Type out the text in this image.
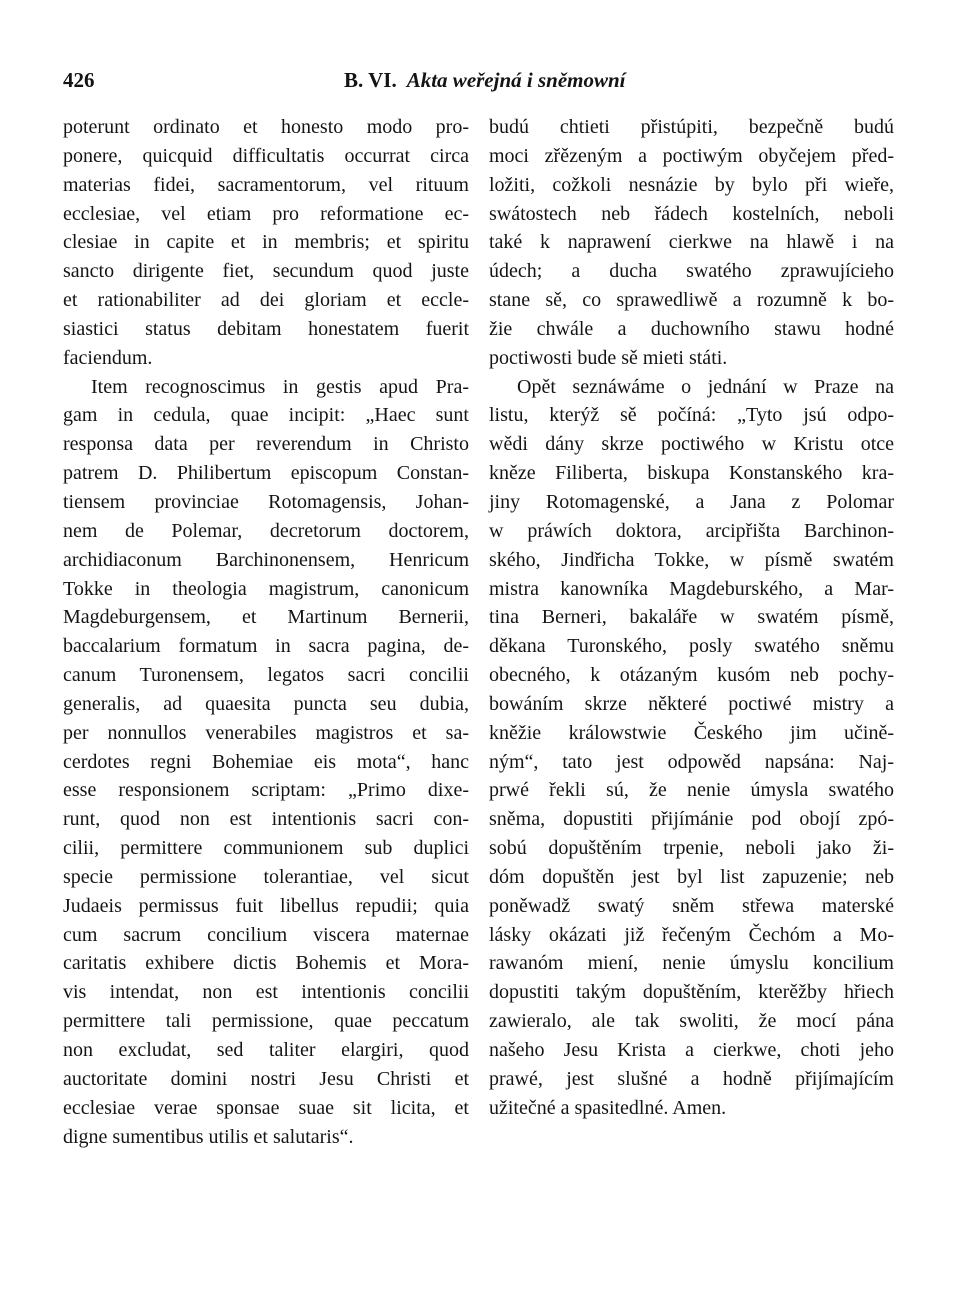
426	B. VI. Akta weřejná i sněmowní
poterunt ordinato et honesto modo pro-
ponere, quicquid difficultatis occurrat circa
materias fidei, sacramentorum, vel rituum
ecclesiae, vel etiam pro reformatione ec-
clesiae in capite et in membris; et spiritu
sancto dirigente fiet, secundum quod juste
et rationabiliter ad dei gloriam et eccle-
siastici status debitam honestatem fuerit
faciendum.
Item recognoscimus in gestis apud Pra-
gam in cedula, quae incipit: „Haec sunt
responsa data per reverendum in Christo
patrem D. Philibertum episcopum Constan-
tiensem provinciae Rotomagensis, Johan-
nem de Polemar, decretorum doctorem,
archidiaconum Barchinonensem, Henricum
Tokke in theologia magistrum, canonicum
Magdeburgensem, et Martinum Bernerii,
baccalarium formatum in sacra pagina, de-
canum Turonensem, legatos sacri concilii
generalis, ad quaesita puncta seu dubia,
per nonnullos venerabiles magistros et sa-
cerdotes regni Bohemiae eis mota“, hanc
esse responsionem scriptam: „Primo dixe-
runt, quod non est intentionis sacri con-
cilii, permittere communionem sub duplici
specie permissione tolerantiae, vel sicut
Judaeis permissus fuit libellus repudii; quia
cum sacrum concilium viscera maternae
caritatis exhibere dictis Bohemis et Mora-
vis intendat, non est intentionis concilii
permittere tali permissione, quae peccatum
non excludat, sed taliter elargiri, quod
auctoritate domini nostri Jesu Christi et
ecclesiae verae sponsae suae sit licita, et
digne sumentibus utilis et salutaris“.
budú chtieti přistúpiti, bezpečně budú
moci zřězeným a poctiwým obyčejem před-
ložiti, cožkoli nesnázie by bylo při wieře,
swátostech neb řádech kostelních, neboli
také k naprawení cierkwe na hlawě i na
údech; a ducha swatého zprawujícieho
stane sě, co sprawedliwě a rozumně k bo-
žie chwále a duchowního stawu hodné
poctiwosti bude sě mieti státi.
Opět seznáwáme o jednání w Praze na
listu, kterýž sě počíná: „Tyto jsú odpo-
wědi dány skrze poctiwého w Kristu otce
kněze Filiberta, biskupa Konstanského kra-
jiny Rotomagenské, a Jana z Polomar
w práwích doktora, arcipřišta Barchinon-
ského, Jindřicha Tokke, w písmě swatém
mistra kanowníka Magdeburského, a Mar-
tina Berneri, bakaláře w swatém písmě,
děkana Turonského, posly swatého sněmu
obecného, k otázaným kusóm neb pochy-
bowáním skrze některé poctiwé mistry a
kněžie králowstwie Českého jim učině-
ným“, tato jest odpowěd napsána: Naj-
prwé řekli sú, že nenie úmysla swatého
sněma, dopustiti přijímánie pod obojí zpó-
sobú dopuštěním trpenie, neboli jako ži-
dóm dopuštěn jest byl list zapuzenie; neb
poněwadž swatý sněm střewa materské
lásky okázati již řečeným Čechóm a Mo-
rawanóm miení, nenie úmyslu koncilium
dopustiti takým dopuštěním, kterěžby hřiech
zawieralo, ale tak swoliti, že mocí pána
našeho Jesu Krista a cierkwe, choti jeho
prawé, jest slušné a hodně přijímajícím
užitečné a spasitedlné. Amen.
